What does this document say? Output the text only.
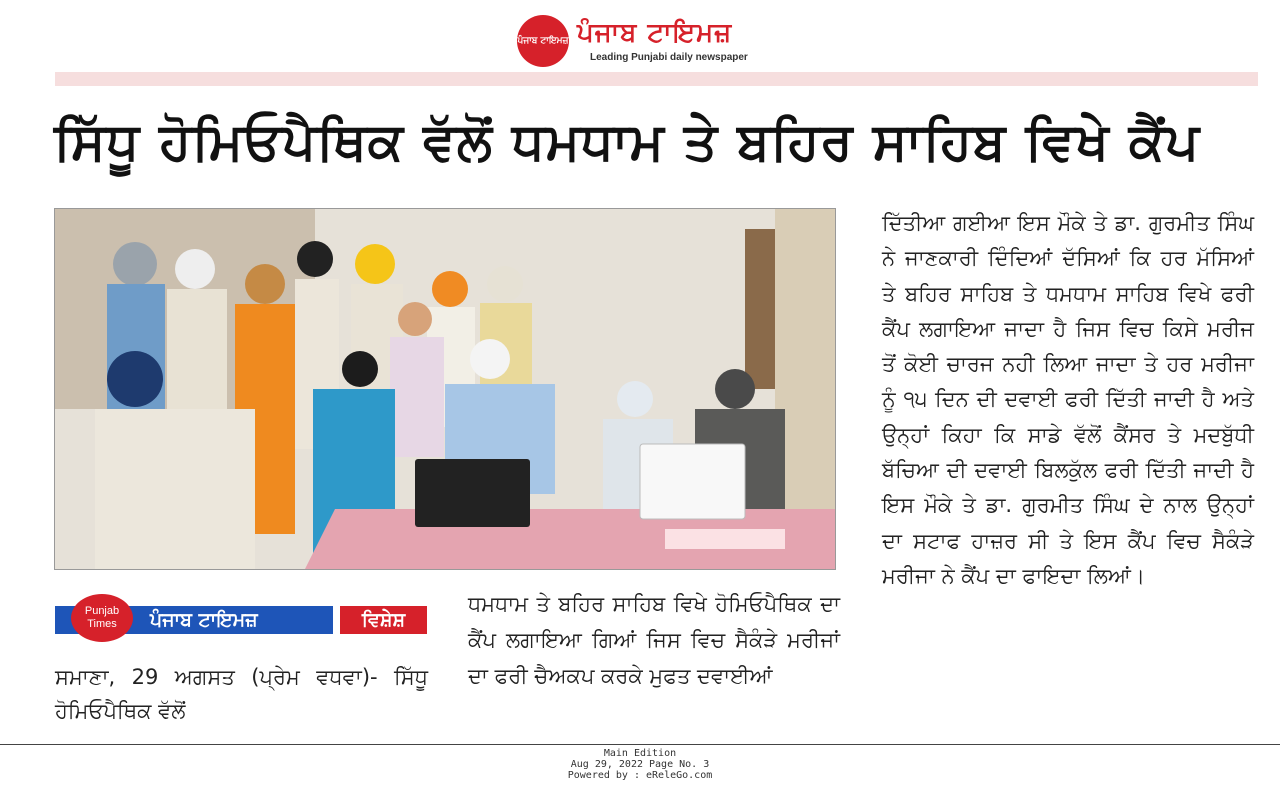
ਪੰਜਾਬ ਟਾਇਮਜ਼ ਪੰਜਾਬ ਟਾਇਮਜ਼
Leading Punjabi daily newspaper
ਸਿੱਧੂ ਹੋਮਿਓਪੈਥਿਕ ਵੱਲੋਂ ਧਮਧਾਮ ਤੇ ਬਹਿਰ ਸਾਹਿਬ ਵਿਖੇ ਕੈਂਪ
ਦਿੱਤੀਆ ਗਈਆ ਇਸ ਮੌਕੇ ਤੇ ਡਾ. ਗੁਰਮੀਤ ਸਿੰਘ ਨੇ ਜਾਣਕਾਰੀ ਦਿੰਦਿਆਂ ਦੱਸਿਆਂ ਕਿ ਹਰ ਮੱਸਿਆਂ ਤੇ ਬਹਿਰ ਸਾਹਿਬ ਤੇ ਧਮਧਾਮ ਸਾਹਿਬ ਵਿਖੇ ਫਰੀ ਕੈਂਪ ਲਗਾਇਆ ਜਾਦਾ ਹੈ ਜਿਸ ਵਿਚ ਕਿਸੇ ਮਰੀਜ ਤੋਂ ਕੋਈ ਚਾਰਜ ਨਹੀ ਲਿਆ ਜਾਦਾ ਤੇ ਹਰ ਮਰੀਜਾ ਨੂੰ ੧੫ ਦਿਨ ਦੀ ਦਵਾਈ ਫਰੀ ਦਿੱਤੀ ਜਾਦੀ ਹੈ ਅਤੇ ਉਨ੍ਹਾਂ ਕਿਹਾ ਕਿ ਸਾਡੇ ਵੱਲੋਂ ਕੈਂਸਰ ਤੇ ਮਦਬੁੱਧੀ ਬੱਚਿਆ ਦੀ ਦਵਾਈ ਬਿਲਕੁੱਲ ਫਰੀ ਦਿੱਤੀ ਜਾਦੀ ਹੈ ਇਸ ਮੌਕੇ ਤੇ ਡਾ. ਗੁਰਮੀਤ ਸਿੰਘ ਦੇ ਨਾਲ ਉਨ੍ਹਾਂ ਦਾ ਸਟਾਫ ਹਾਜ਼ਰ ਸੀ ਤੇ ਇਸ ਕੈਂਪ ਵਿਚ ਸੈਕੰੜੇ ਮਰੀਜਾ ਨੇ ਕੈਂਪ ਦਾ ਫਾਇਦਾ ਲਿਆਂ।
Punjab
Times	ਪੰਜਾਬ ਟਾਇਮਜ਼	ਵਿਸ਼ੇਸ਼
ਸਮਾਣਾ, 29 ਅਗਸਤ (ਪ੍ਰੇਮ ਵਧਵਾ)- ਸਿੱਧੂ ਹੋਮਿਓਪੈਥਿਕ ਵੱਲੋਂ
ਧਮਧਾਮ ਤੇ ਬਹਿਰ ਸਾਹਿਬ ਵਿਖੇ ਹੋਮਿਓਪੈਥਿਕ ਦਾ ਕੈਂਪ ਲਗਾਇਆ ਗਿਆਂ ਜਿਸ ਵਿਚ ਸੈਕੰੜੇ ਮਰੀਜਾਂ ਦਾ ਫਰੀ ਚੈਅਕਪ ਕਰਕੇ ਮੁਫਤ ਦਵਾਈਆਂ
Main Edition
Aug 29, 2022 Page No. 3
Powered by : eReleGo.com
